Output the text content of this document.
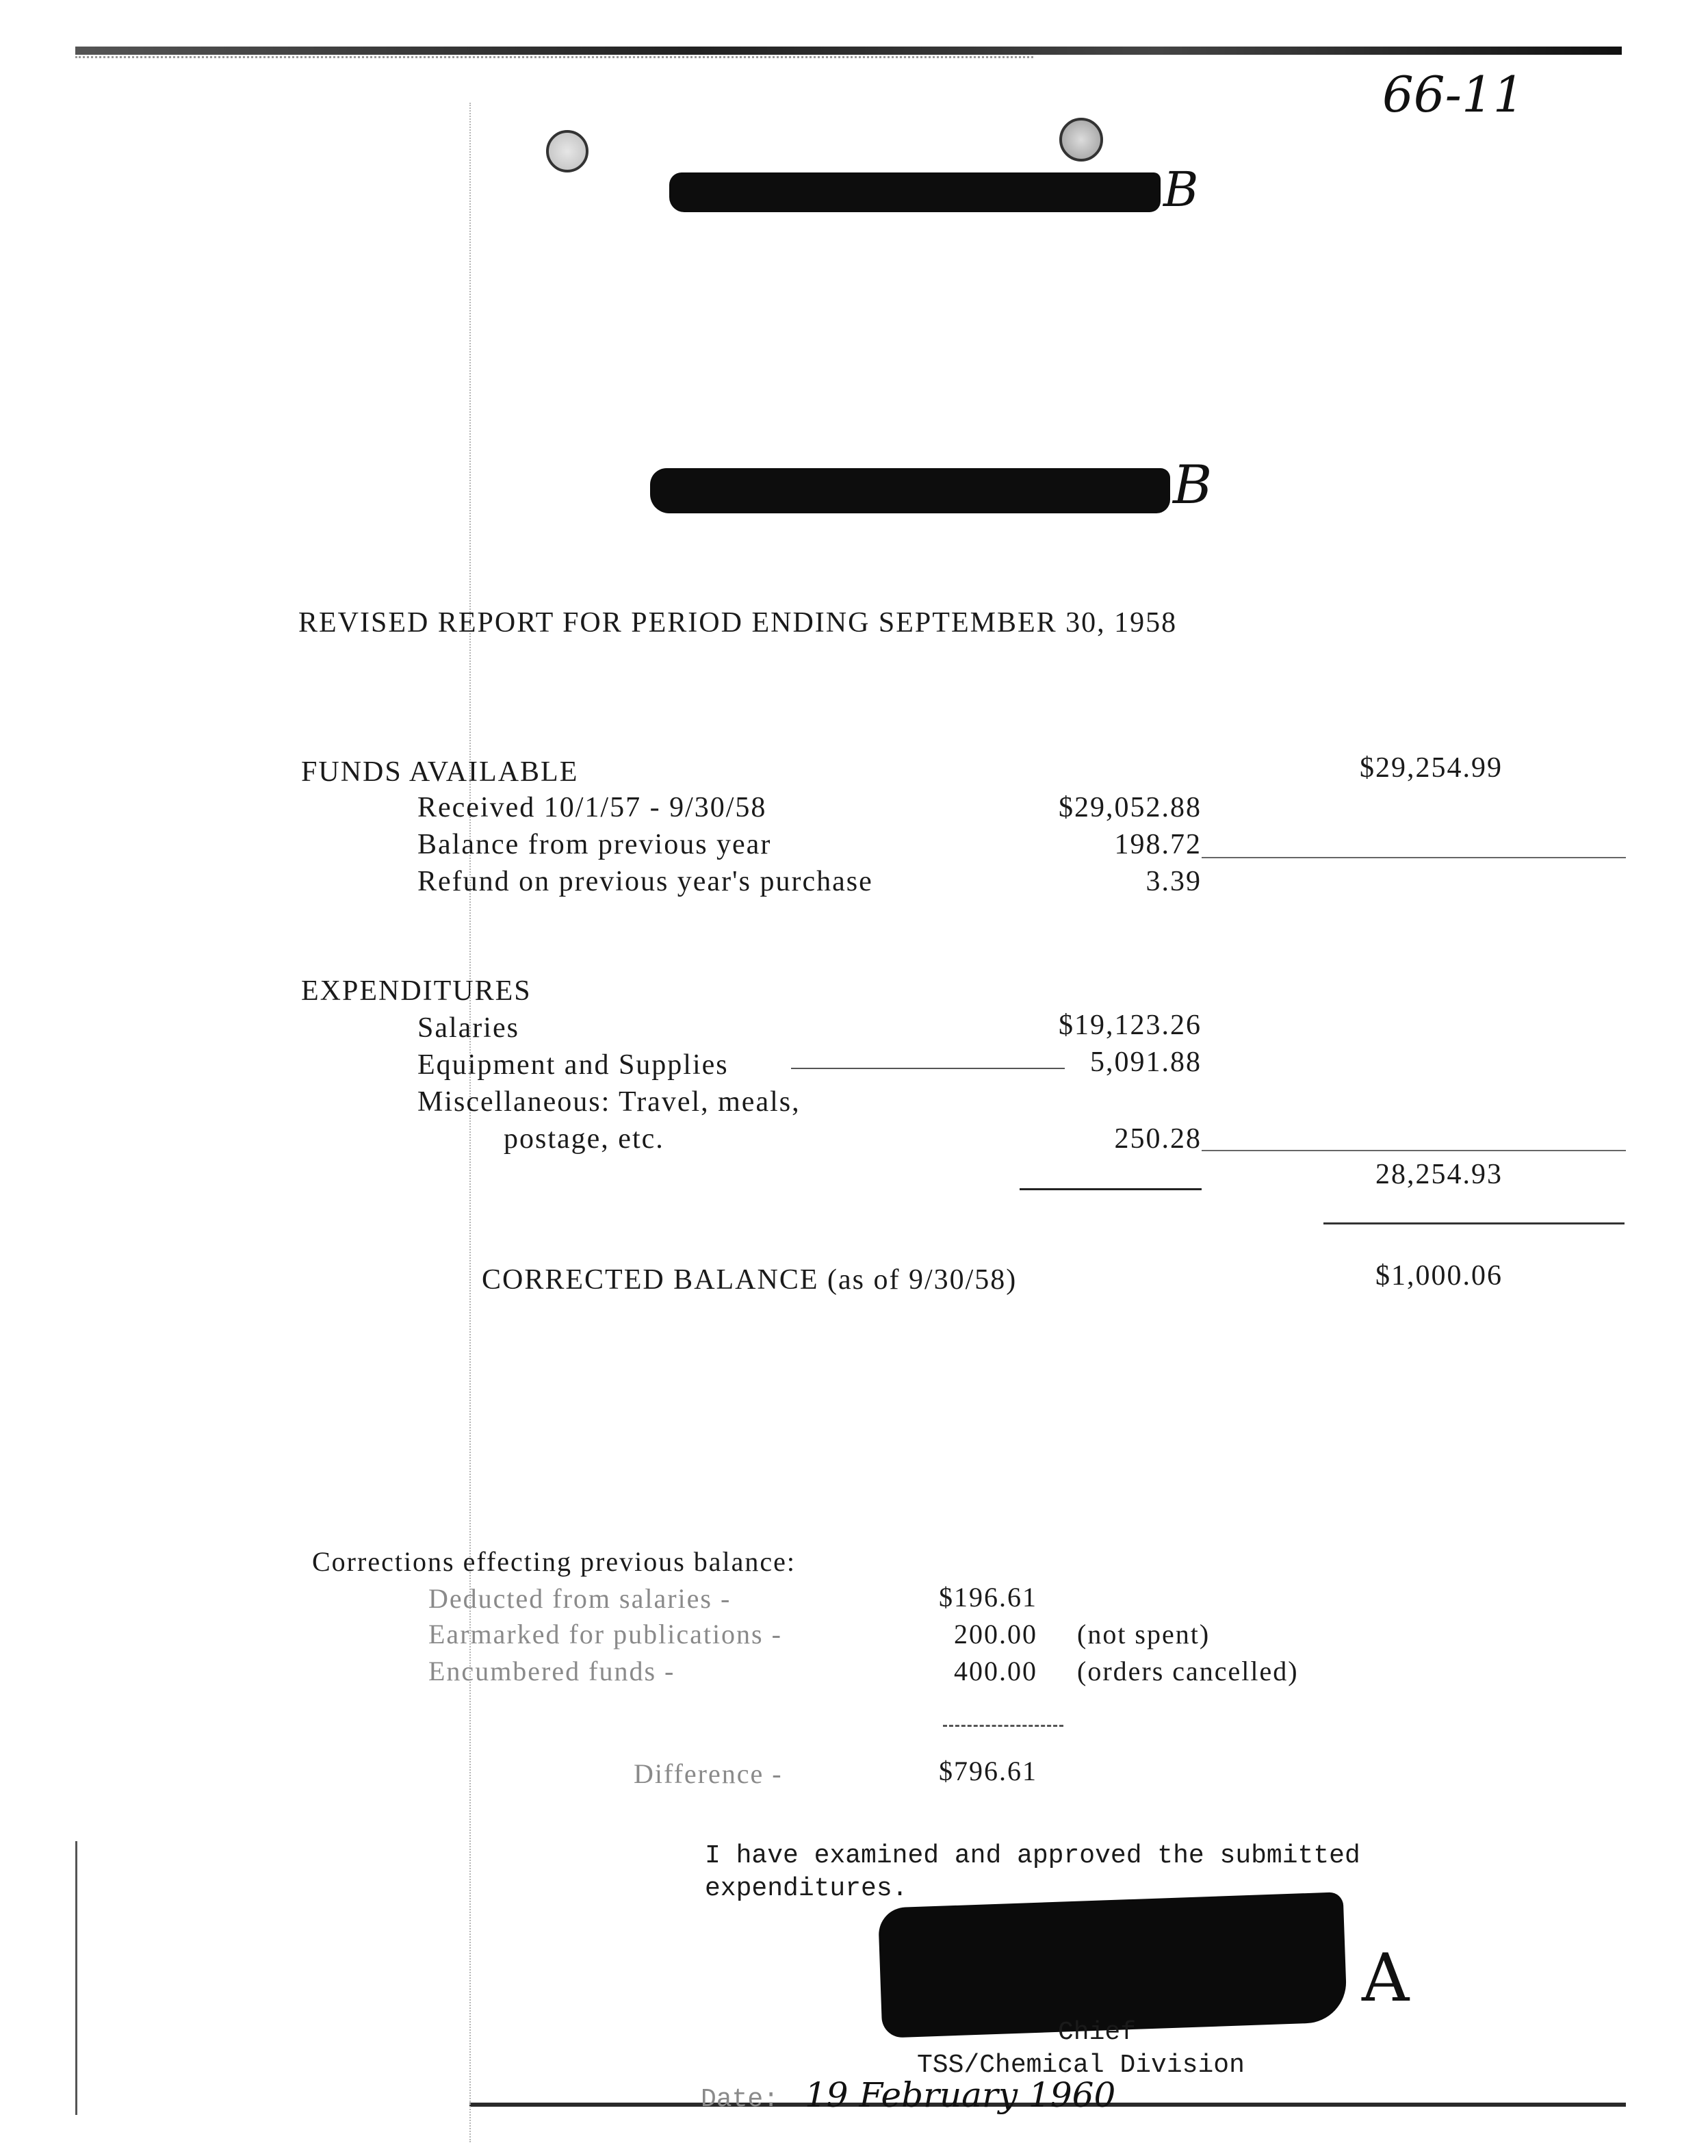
66-11
B
B
REVISED REPORT FOR PERIOD ENDING SEPTEMBER 30, 1958
FUNDS AVAILABLE	$29,254.99
Received 10/1/57 - 9/30/58	$29,052.88
Balance from previous year	198.72
Refund on previous year's purchase	3.39
EXPENDITURES
Salaries	$19,123.26
Equipment and Supplies	5,091.88
Miscellaneous: Travel, meals,
postage, etc.	250.28
28,254.93
CORRECTED BALANCE (as of 9/30/58)	$1,000.06
Corrections effecting previous balance:
Deducted from salaries -	$196.61
Earmarked for publications -	200.00 (not spent)
Encumbered funds -	400.00 (orders cancelled)
Difference -	$796.61
I have examined and approved the submitted
expenditures.
A
Chief
TSS/Chemical Division
Date: 19 February 1960
